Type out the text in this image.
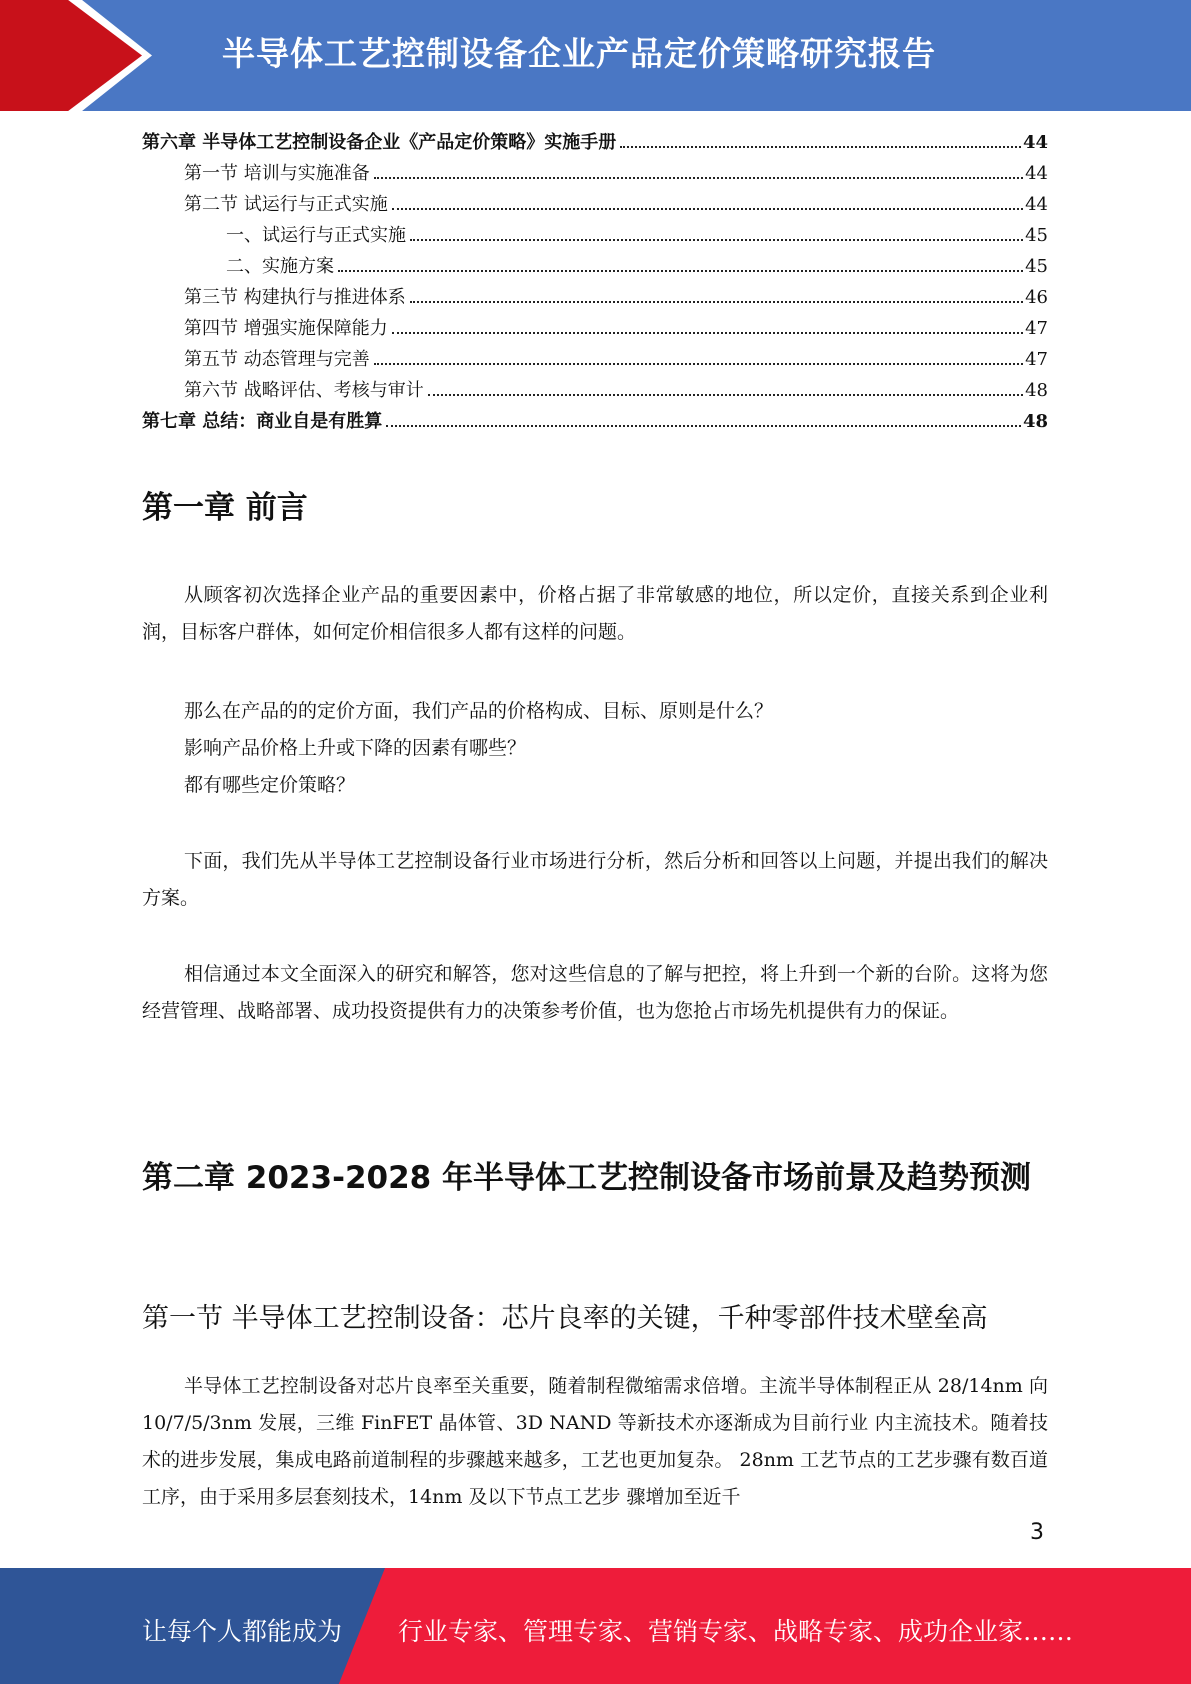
半导体工艺控制设备企业产品定价策略研究报告
第六章 半导体工艺控制设备企业《产品定价策略》实施手册	44
第一节 培训与实施准备	44
第二节 试运行与正式实施	44
一、试运行与正式实施	45
二、实施方案	45
第三节 构建执行与推进体系	46
第四节 增强实施保障能力	47
第五节 动态管理与完善	47
第六节 战略评估、考核与审计	48
第七章 总结：商业自是有胜算	48
第一章 前言
从顾客初次选择企业产品的重要因素中，价格占据了非常敏感的地位，所以定价，直接关系到企业利润，目标客户群体，如何定价相信很多人都有这样的问题。
那么在产品的的定价方面，我们产品的价格构成、目标、原则是什么？
影响产品价格上升或下降的因素有哪些？
都有哪些定价策略？
下面，我们先从半导体工艺控制设备行业市场进行分析，然后分析和回答以上问题，并提出我们的解决方案。
相信通过本文全面深入的研究和解答，您对这些信息的了解与把控，将上升到一个新的台阶。这将为您经营管理、战略部署、成功投资提供有力的决策参考价值，也为您抢占市场先机提供有力的保证。
第二章 2023-2028 年半导体工艺控制设备市场前景及趋势预测
第一节 半导体工艺控制设备：芯片良率的关键，千种零部件技术壁垒高
半导体工艺控制设备对芯片良率至关重要，随着制程微缩需求倍增。主流半导体制程正从 28/14nm 向 10/7/5/3nm 发展，三维 FinFET 晶体管、3D NAND 等新技术亦逐渐成为目前行业 内主流技术。随着技术的进步发展，集成电路前道制程的步骤越来越多，工艺也更加复杂。 28nm 工艺节点的工艺步骤有数百道工序，由于采用多层套刻技术，14nm 及以下节点工艺步 骤增加至近千
3
让每个人都能成为 行业专家、管理专家、营销专家、战略专家、成功企业家……
